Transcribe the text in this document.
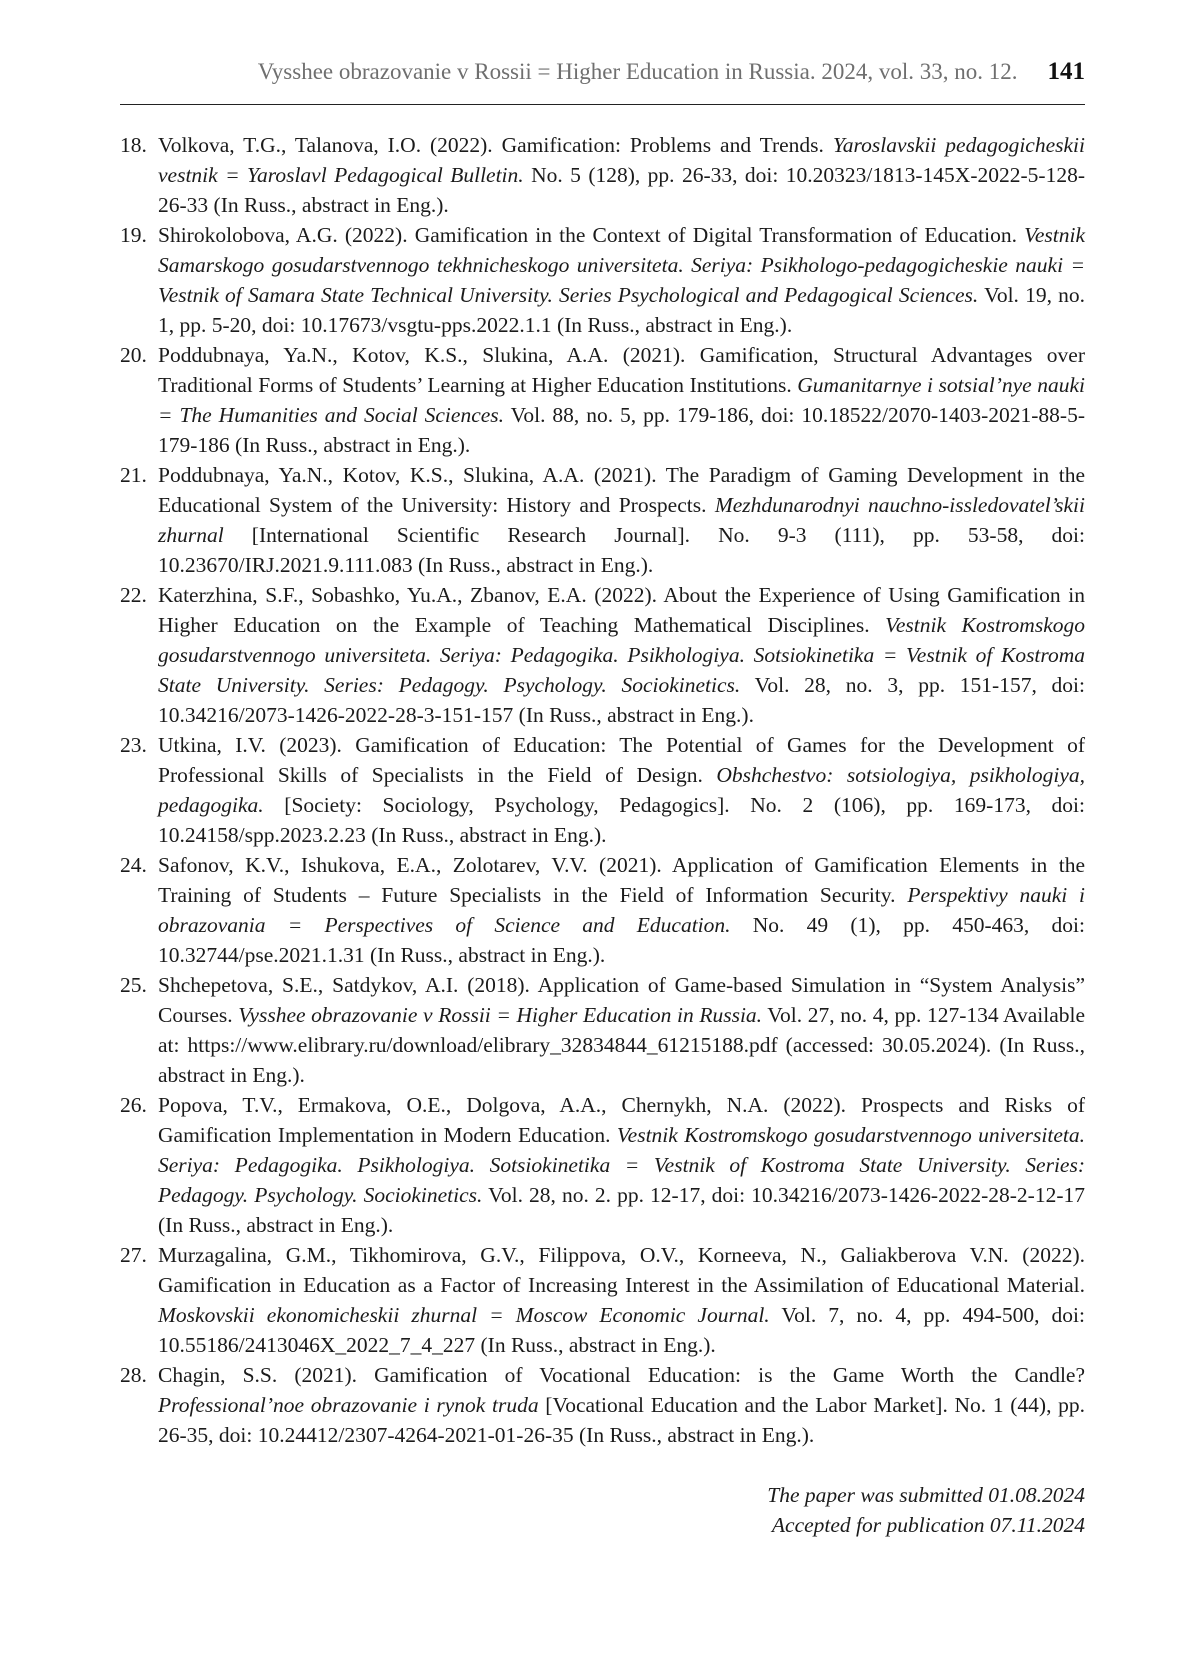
Vysshee obrazovanie v Rossii = Higher Education in Russia. 2024, vol. 33, no. 12. 141
18. Volkova, T.G., Talanova, I.O. (2022). Gamification: Problems and Trends. Yaroslavskii pedagogicheskii vestnik = Yaroslavl Pedagogical Bulletin. No. 5 (128), pp. 26-33, doi: 10.20323/1813-145X-2022-5-128-26-33 (In Russ., abstract in Eng.).
19. Shirokolobova, A.G. (2022). Gamification in the Context of Digital Transformation of Education. Vestnik Samarskogo gosudarstvennogo tekhnicheskogo universiteta. Seriya: Psikhologo-pedagogicheskie nauki = Vestnik of Samara State Technical University. Series Psychological and Pedagogical Sciences. Vol. 19, no. 1, pp. 5-20, doi: 10.17673/vsgtu-pps.2022.1.1 (In Russ., abstract in Eng.).
20. Poddubnaya, Ya.N., Kotov, K.S., Slukina, A.A. (2021). Gamification, Structural Advantages over Traditional Forms of Students’ Learning at Higher Education Institutions. Gumanitarnye i sotsial’nye nauki = The Humanities and Social Sciences. Vol. 88, no. 5, pp. 179-186, doi: 10.18522/2070-1403-2021-88-5-179-186 (In Russ., abstract in Eng.).
21. Poddubnaya, Ya.N., Kotov, K.S., Slukina, A.A. (2021). The Paradigm of Gaming Development in the Educational System of the University: History and Prospects. Mezhdunarodnyi nauchno-issledovatel’skii zhurnal [International Scientific Research Journal]. No. 9-3 (111), pp. 53-58, doi: 10.23670/IRJ.2021.9.111.083 (In Russ., abstract in Eng.).
22. Katerzhina, S.F., Sobashko, Yu.A., Zbanov, E.A. (2022). About the Experience of Using Gamification in Higher Education on the Example of Teaching Mathematical Disciplines. Vestnik Kostromskogo gosudarstvennogo universiteta. Seriya: Pedagogika. Psikhologiya. Sotsiokinetika = Vestnik of Kostroma State University. Series: Pedagogy. Psychology. Sociokinetics. Vol. 28, no. 3, pp. 151-157, doi: 10.34216/2073-1426-2022-28-3-151-157 (In Russ., abstract in Eng.).
23. Utkina, I.V. (2023). Gamification of Education: The Potential of Games for the Development of Professional Skills of Specialists in the Field of Design. Obshchestvo: sotsiologiya, psikhologiya, pedagogika. [Society: Sociology, Psychology, Pedagogics]. No. 2 (106), pp. 169-173, doi: 10.24158/spp.2023.2.23 (In Russ., abstract in Eng.).
24. Safonov, K.V., Ishukova, E.A., Zolotarev, V.V. (2021). Application of Gamification Elements in the Training of Students – Future Specialists in the Field of Information Security. Perspektivy nauki i obrazovania = Perspectives of Science and Education. No. 49 (1), pp. 450-463, doi: 10.32744/pse.2021.1.31 (In Russ., abstract in Eng.).
25. Shchepetova, S.E., Satdykov, A.I. (2018). Application of Game-based Simulation in “System Analysis” Courses. Vysshee obrazovanie v Rossii = Higher Education in Russia. Vol. 27, no. 4, pp. 127-134 Available at: https://www.elibrary.ru/download/elibrary_32834844_61215188.pdf (accessed: 30.05.2024). (In Russ., abstract in Eng.).
26. Popova, T.V., Ermakova, O.E., Dolgova, A.A., Chernykh, N.A. (2022). Prospects and Risks of Gamification Implementation in Modern Education. Vestnik Kostromskogo gosudarstvennogo universiteta. Seriya: Pedagogika. Psikhologiya. Sotsiokinetika = Vestnik of Kostroma State University. Series: Pedagogy. Psychology. Sociokinetics. Vol. 28, no. 2. pp. 12-17, doi: 10.34216/2073-1426-2022-28-2-12-17 (In Russ., abstract in Eng.).
27. Murzagalina, G.M., Tikhomirova, G.V., Filippova, O.V., Korneeva, N., Galiakberova V.N. (2022). Gamification in Education as a Factor of Increasing Interest in the Assimilation of Educational Material. Moskovskii ekonomicheskii zhurnal = Moscow Economic Journal. Vol. 7, no. 4, pp. 494-500, doi: 10.55186/2413046X_2022_7_4_227 (In Russ., abstract in Eng.).
28. Chagin, S.S. (2021). Gamification of Vocational Education: is the Game Worth the Candle? Professional’noe obrazovanie i rynok truda [Vocational Education and the Labor Market]. No. 1 (44), pp. 26-35, doi: 10.24412/2307-4264-2021-01-26-35 (In Russ., abstract in Eng.).
The paper was submitted 01.08.2024
Accepted for publication 07.11.2024
